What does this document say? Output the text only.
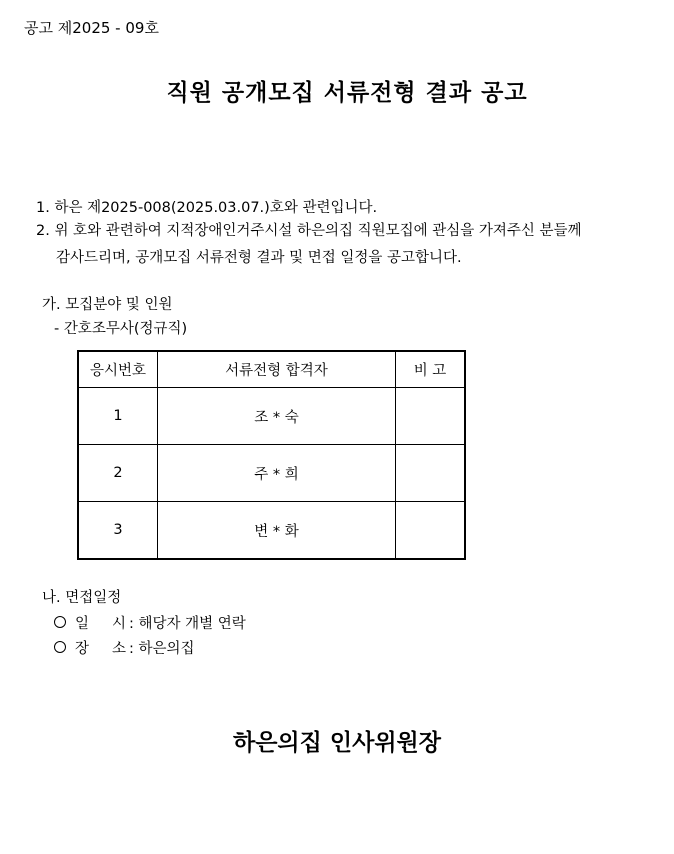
공고 제2025 - 09호
직원 공개모집 서류전형 결과 공고
1. 하은 제2025-008(2025.03.07.)호와 관련입니다.
2. 위 호와 관련하여 지적장애인거주시설 하은의집 직원모집에 관심을 가져주신 분들께
감사드리며, 공개모집 서류전형 결과 및 면접 일정을 공고합니다.
가. 모집분야 및 인원
- 간호조무사(정규직)
응시번호	서류전형 합격자	비 고
1	조 * 숙	
2	주 * 희	
3	변 * 화	
나. 면접일정
일     시 : 해당자 개별 연락
장     소 : 하은의집
하은의집 인사위원장
